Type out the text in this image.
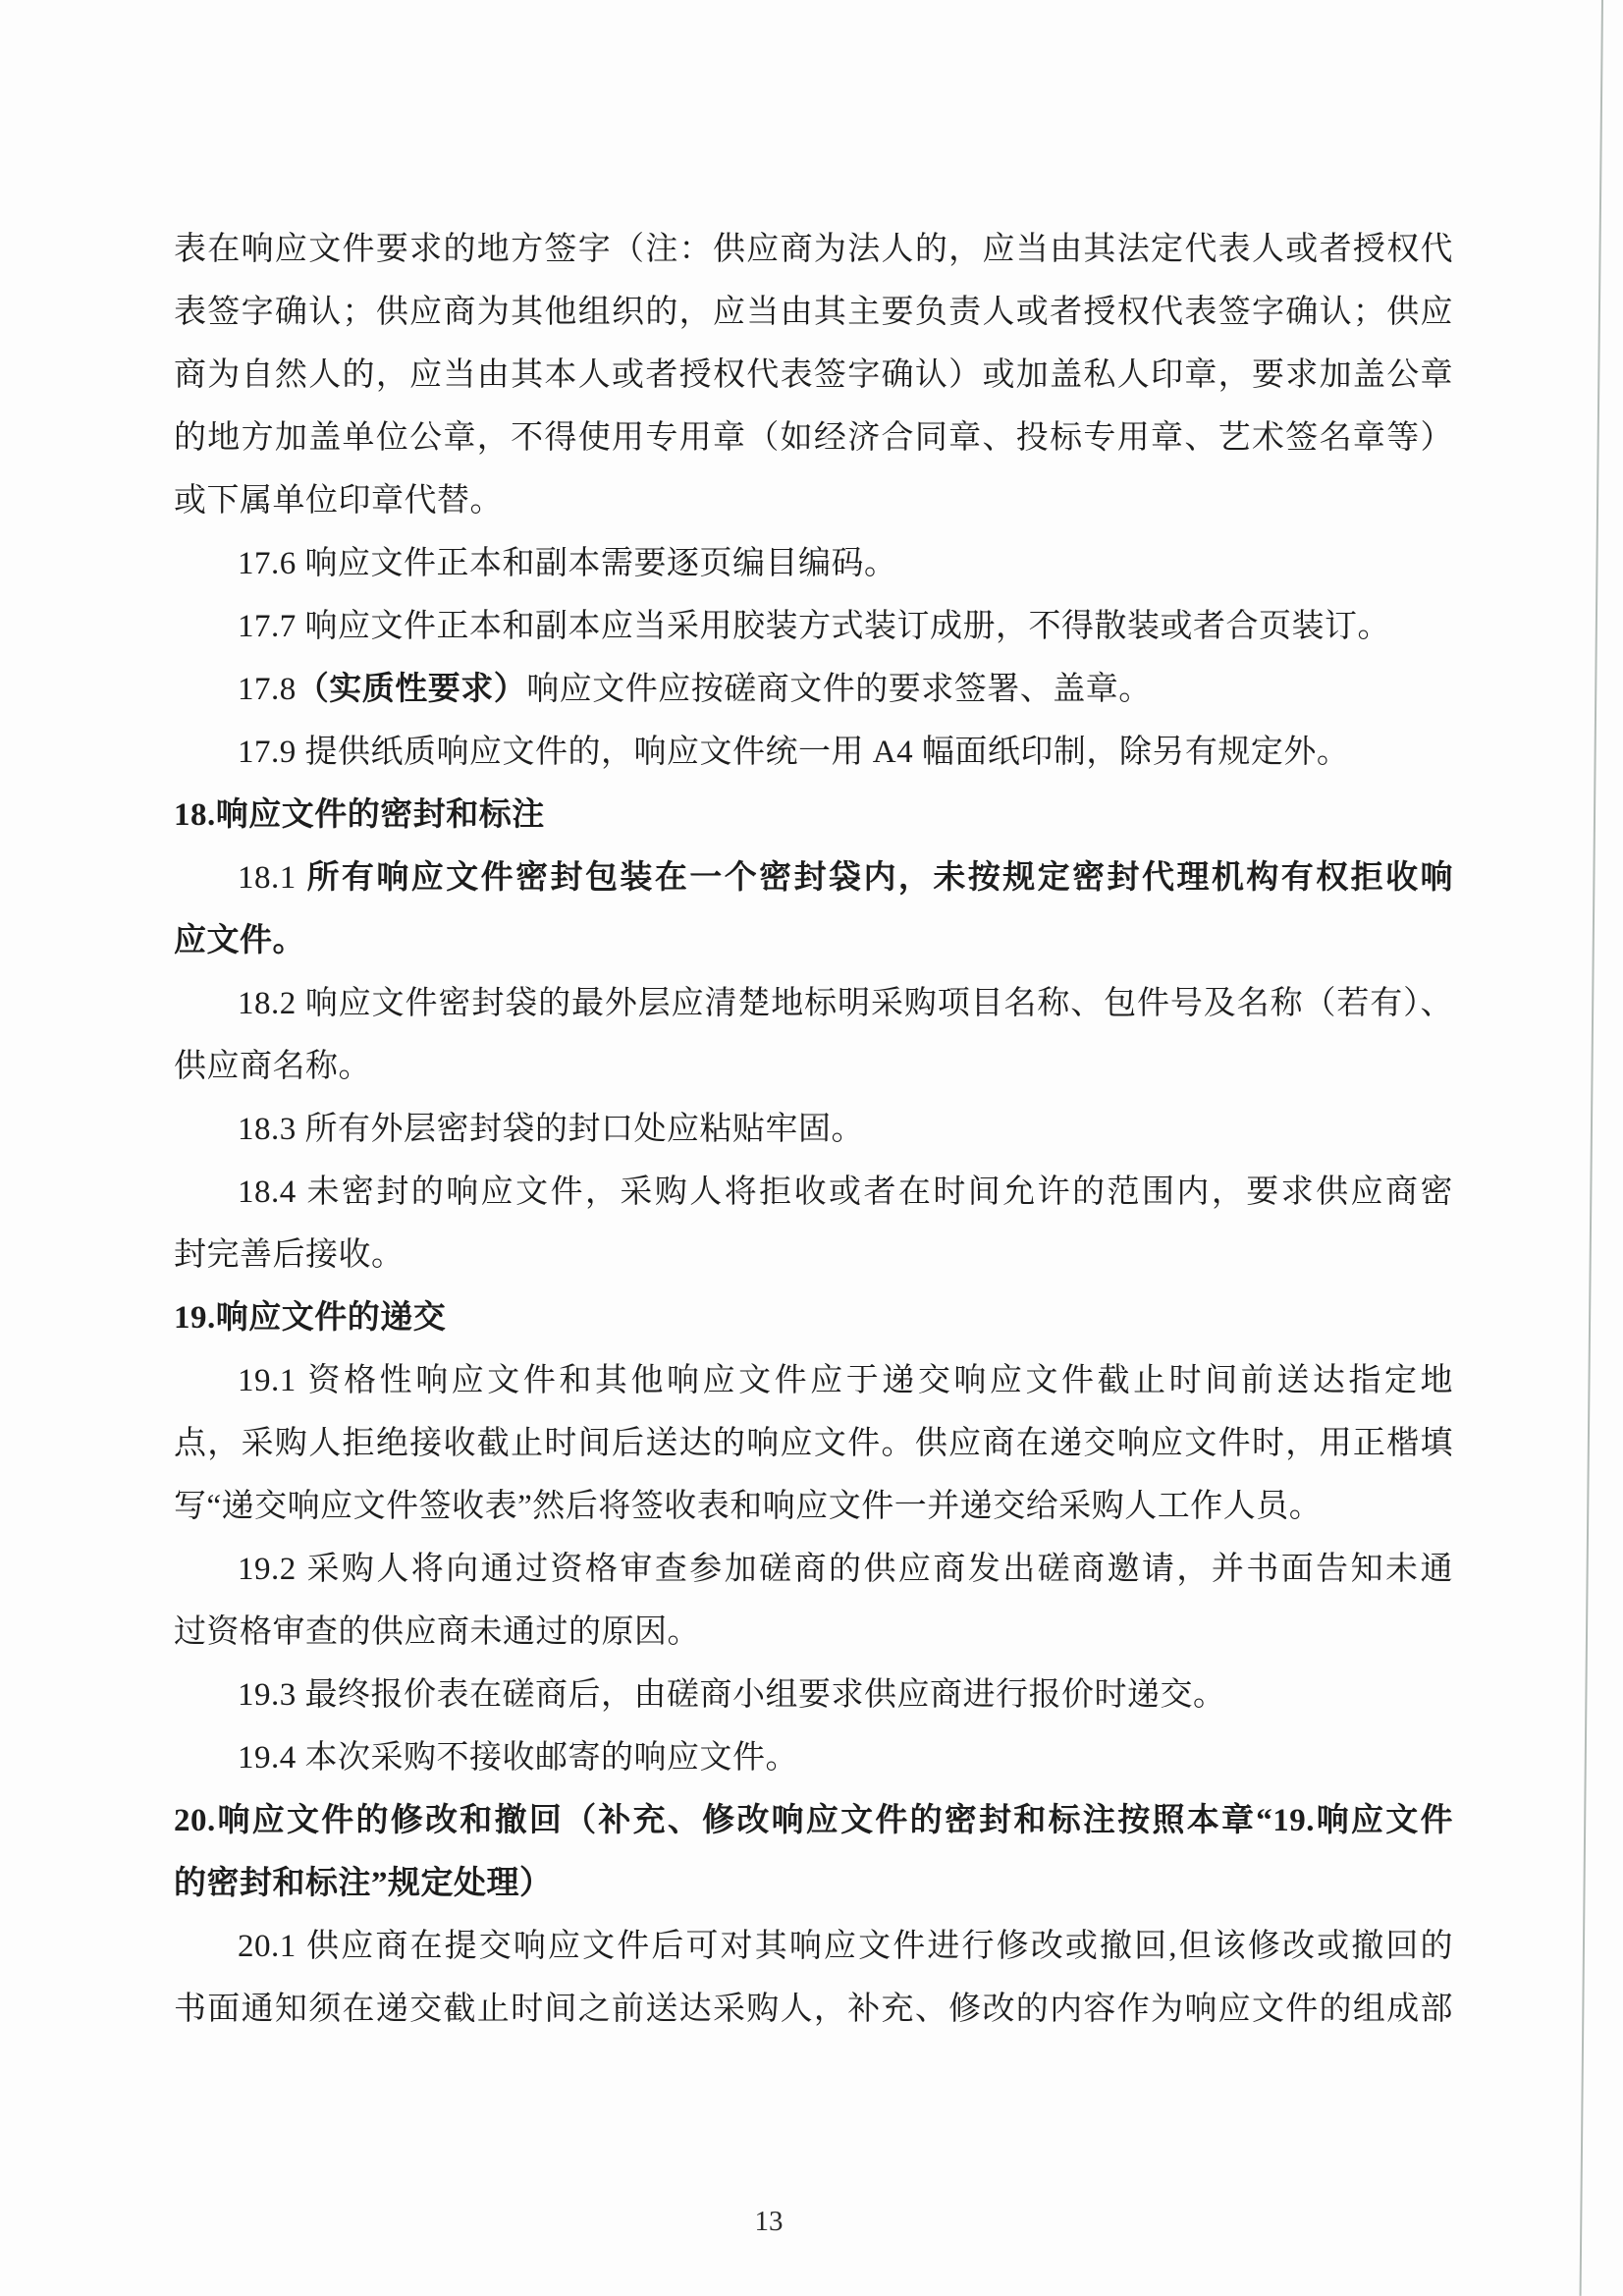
表在响应文件要求的地方签字（注：供应商为法人的，应当由其法定代表人或者授权代
表签字确认；供应商为其他组织的，应当由其主要负责人或者授权代表签字确认；供应
商为自然人的，应当由其本人或者授权代表签字确认）或加盖私人印章，要求加盖公章
的地方加盖单位公章，不得使用专用章（如经济合同章、投标专用章、艺术签名章等）
或下属单位印章代替。
17.6 响应文件正本和副本需要逐页编目编码。
17.7 响应文件正本和副本应当采用胶装方式装订成册，不得散装或者合页装订。
17.8（实质性要求）响应文件应按磋商文件的要求签署、盖章。
17.9 提供纸质响应文件的，响应文件统一用 A4 幅面纸印制，除另有规定外。
18.响应文件的密封和标注
18.1 所有响应文件密封包装在一个密封袋内，未按规定密封代理机构有权拒收响
应文件。
18.2 响应文件密封袋的最外层应清楚地标明采购项目名称、包件号及名称（若有）、
供应商名称。
18.3 所有外层密封袋的封口处应粘贴牢固。
18.4 未密封的响应文件，采购人将拒收或者在时间允许的范围内，要求供应商密
封完善后接收。
19.响应文件的递交
19.1 资格性响应文件和其他响应文件应于递交响应文件截止时间前送达指定地
点，采购人拒绝接收截止时间后送达的响应文件。供应商在递交响应文件时，用正楷填
写“递交响应文件签收表”然后将签收表和响应文件一并递交给采购人工作人员。
19.2 采购人将向通过资格审查参加磋商的供应商发出磋商邀请，并书面告知未通
过资格审查的供应商未通过的原因。
19.3 最终报价表在磋商后，由磋商小组要求供应商进行报价时递交。
19.4 本次采购不接收邮寄的响应文件。
20.响应文件的修改和撤回（补充、修改响应文件的密封和标注按照本章“19.响应文件
的密封和标注”规定处理）
20.1 供应商在提交响应文件后可对其响应文件进行修改或撤回,但该修改或撤回的
书面通知须在递交截止时间之前送达采购人，补充、修改的内容作为响应文件的组成部
13
